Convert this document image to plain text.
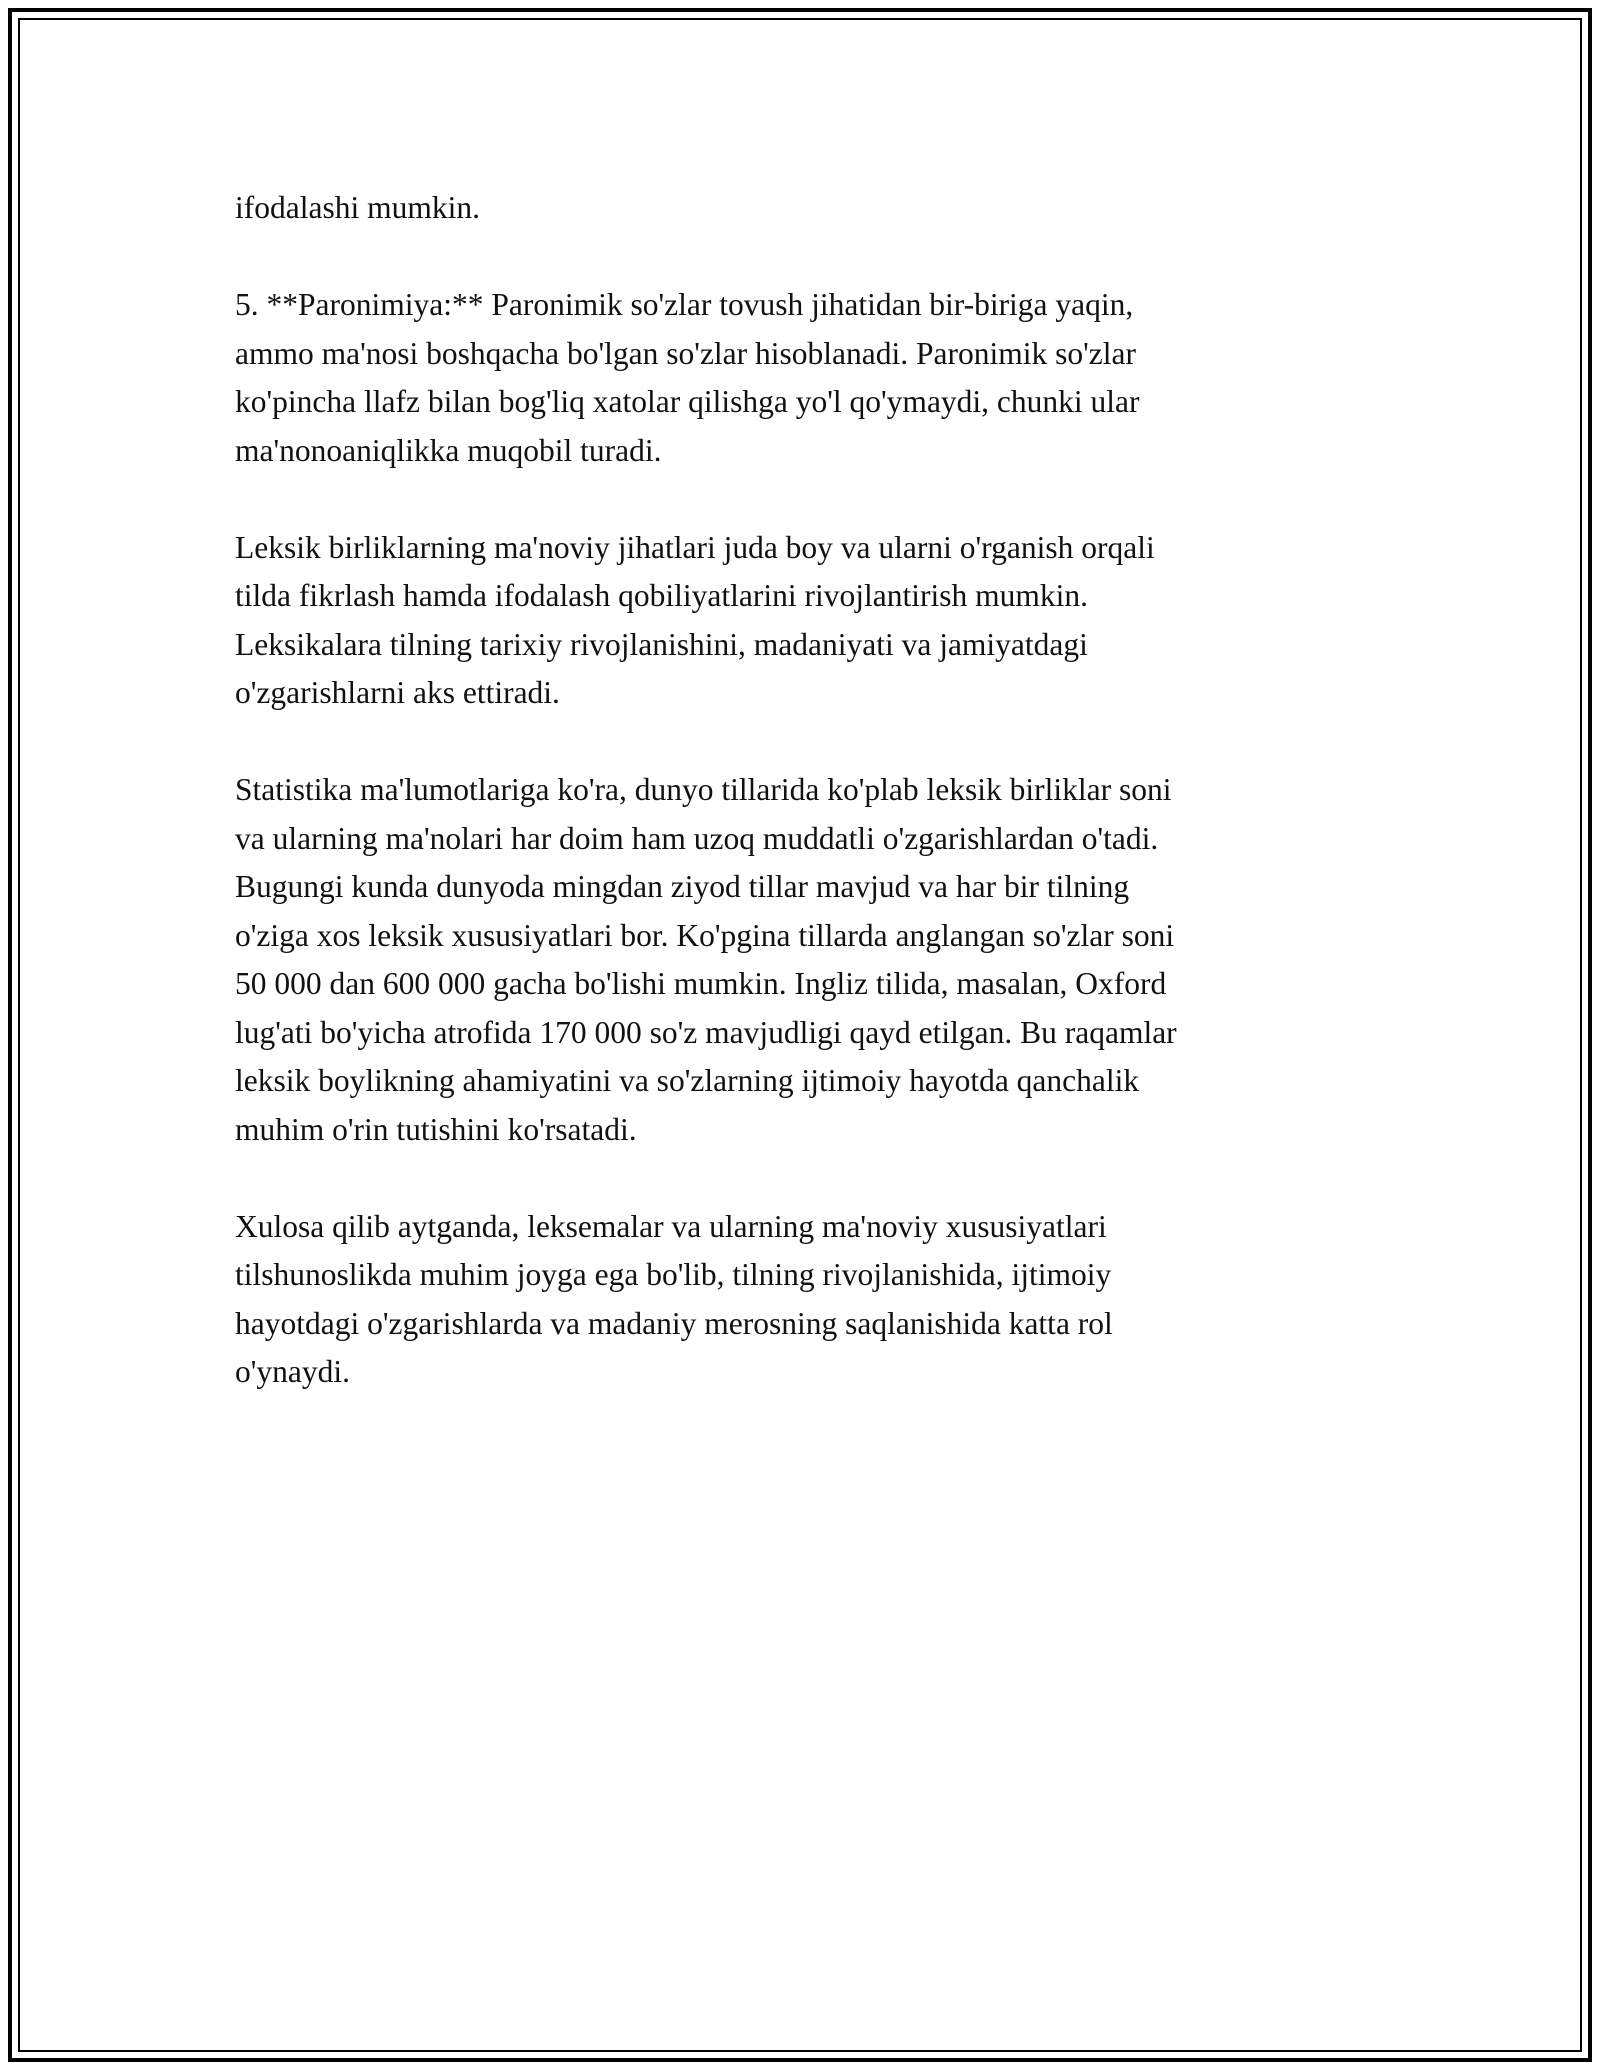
ifodalashi mumkin.

5. **Paronimiya:** Paronimik so'zlar tovush jihatidan bir-biriga yaqin,
ammo ma'nosi boshqacha bo'lgan so'zlar hisoblanadi. Paronimik so'zlar
ko'pincha llafz bilan bog'liq xatolar qilishga yo'l qo'ymaydi, chunki ular
ma'nonoaniqlikka muqobil turadi.

Leksik birliklarning ma'noviy jihatlari juda boy va ularni o'rganish orqali
tilda fikrlash hamda ifodalash qobiliyatlarini rivojlantirish mumkin.
Leksikalara tilning tarixiy rivojlanishini, madaniyati va jamiyatdagi
o'zgarishlarni aks ettiradi.

Statistika ma'lumotlariga ko'ra, dunyo tillarida ko'plab leksik birliklar soni
va ularning ma'nolari har doim ham uzoq muddatli o'zgarishlardan o'tadi.
Bugungi kunda dunyoda mingdan ziyod tillar mavjud va har bir tilning
o'ziga xos leksik xususiyatlari bor. Ko'pgina tillarda anglangan so'zlar soni
50 000 dan 600 000 gacha bo'lishi mumkin. Ingliz tilida, masalan, Oxford
lug'ati bo'yicha atrofida 170 000 so'z mavjudligi qayd etilgan. Bu raqamlar
leksik boylikning ahamiyatini va so'zlarning ijtimoiy hayotda qanchalik
muhim o'rin tutishini ko'rsatadi.

Xulosa qilib aytganda, leksemalar va ularning ma'noviy xususiyatlari
tilshunoslikda muhim joyga ega bo'lib, tilning rivojlanishida, ijtimoiy
hayotdagi o'zgarishlarda va madaniy merosning saqlanishida katta rol
o'ynaydi.
